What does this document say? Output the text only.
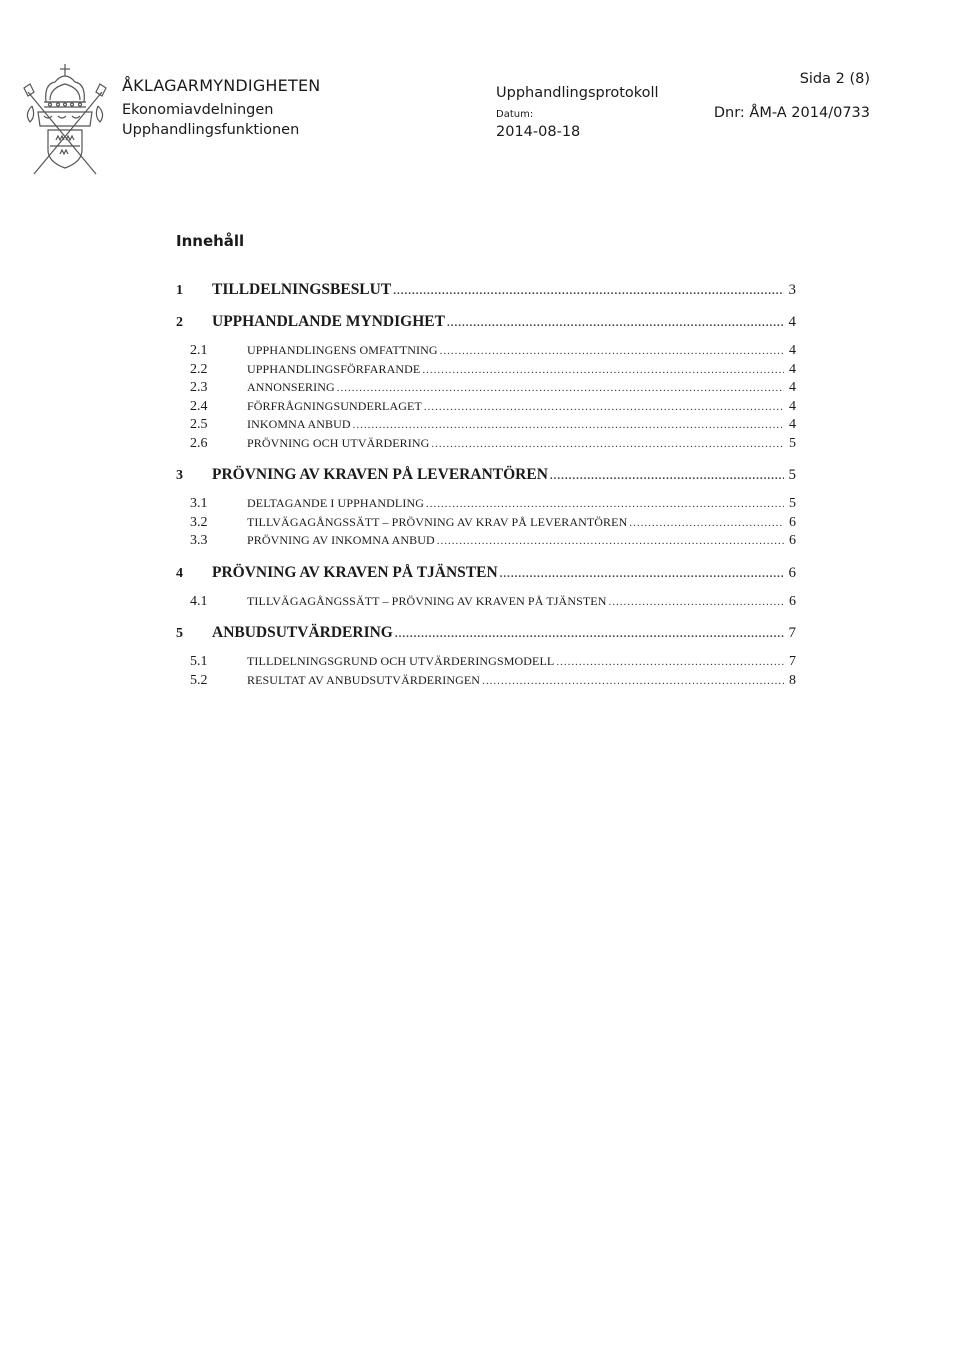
ÅKLAGARMYNDIGHETEN
Ekonomiavdelningen
Upphandlingsfunktionen
Upphandlingsprotokoll
Datum:
2014-08-18
Sida 2 (8)
Dnr: ÅM-A 2014/0733
Innehåll
1	TILLDELNINGSBESLUT .....	3
2	UPPHANDLANDE MYNDIGHET .....	4
2.1	UPPHANDLINGENS OMFATTNING .....	4
2.2	UPPHANDLINGSFÖRFARANDE .....	4
2.3	ANNONSERING .....	4
2.4	FÖRFRÅGNINGSUNDERLAGET .....	4
2.5	INKOMNA ANBUD .....	4
2.6	PRÖVNING OCH UTVÄRDERING .....	5
3	PRÖVNING AV KRAVEN PÅ LEVERANTÖREN .....	5
3.1	DELTAGANDE I UPPHANDLING .....	5
3.2	TILLVÄGAGÅNGSSÄTT – PRÖVNING AV KRAV PÅ LEVERANTÖREN .....	6
3.3	PRÖVNING AV INKOMNA ANBUD .....	6
4	PRÖVNING AV KRAVEN PÅ TJÄNSTEN .....	6
4.1	TILLVÄGAGÅNGSSÄTT – PRÖVNING AV KRAVEN PÅ TJÄNSTEN .....	6
5	ANBUDSUTVÄRDERING .....	7
5.1	TILLDELNINGSGRUND OCH UTVÄRDERINGSMODELL .....	7
5.2	RESULTAT AV ANBUDSUTVÄRDERINGEN .....	8
